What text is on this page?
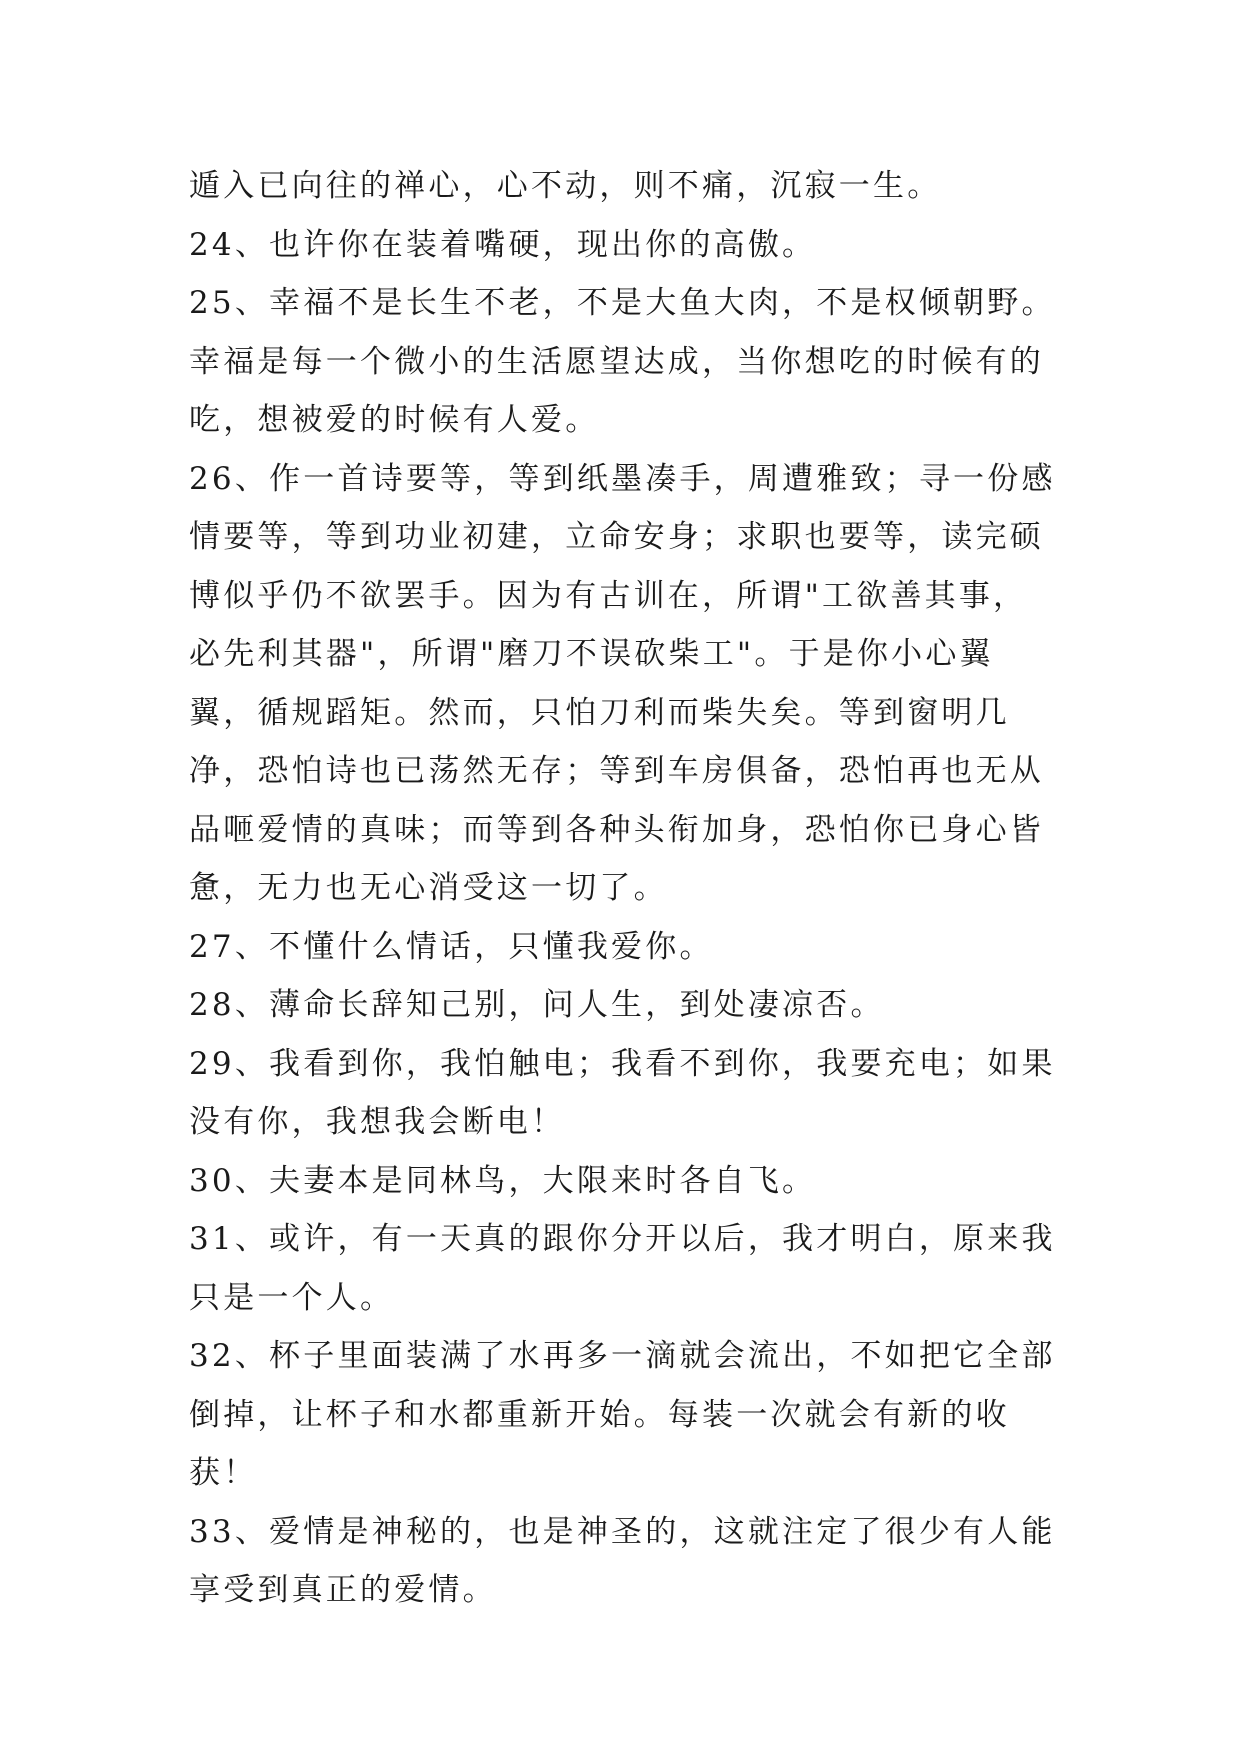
遁入已向往的禅心，心不动，则不痛，沉寂一生。

24、也许你在装着嘴硬，现出你的高傲。

25、幸福不是长生不老，不是大鱼大肉，不是权倾朝野。幸福是每一个微小的生活愿望达成，当你想吃的时候有的吃，想被爱的时候有人爱。

26、作一首诗要等，等到纸墨凑手，周遭雅致；寻一份感情要等，等到功业初建，立命安身；求职也要等，读完硕博似乎仍不欲罢手。因为有古训在，所谓"工欲善其事，必先利其器"，所谓"磨刀不误砍柴工"。于是你小心翼翼，循规蹈矩。然而，只怕刀利而柴失矣。等到窗明几净，恐怕诗也已荡然无存；等到车房俱备，恐怕再也无从品咂爱情的真味；而等到各种头衔加身，恐怕你已身心皆惫，无力也无心消受这一切了。

27、不懂什么情话，只懂我爱你。

28、薄命长辞知己别，问人生，到处凄凉否。

29、我看到你，我怕触电；我看不到你，我要充电；如果没有你，我想我会断电！

30、夫妻本是同林鸟，大限来时各自飞。

31、或许，有一天真的跟你分开以后，我才明白，原来我只是一个人。

32、杯子里面装满了水再多一滴就会流出，不如把它全部倒掉，让杯子和水都重新开始。每装一次就会有新的收获！

33、爱情是神秘的，也是神圣的，这就注定了很少有人能享受到真正的爱情。
